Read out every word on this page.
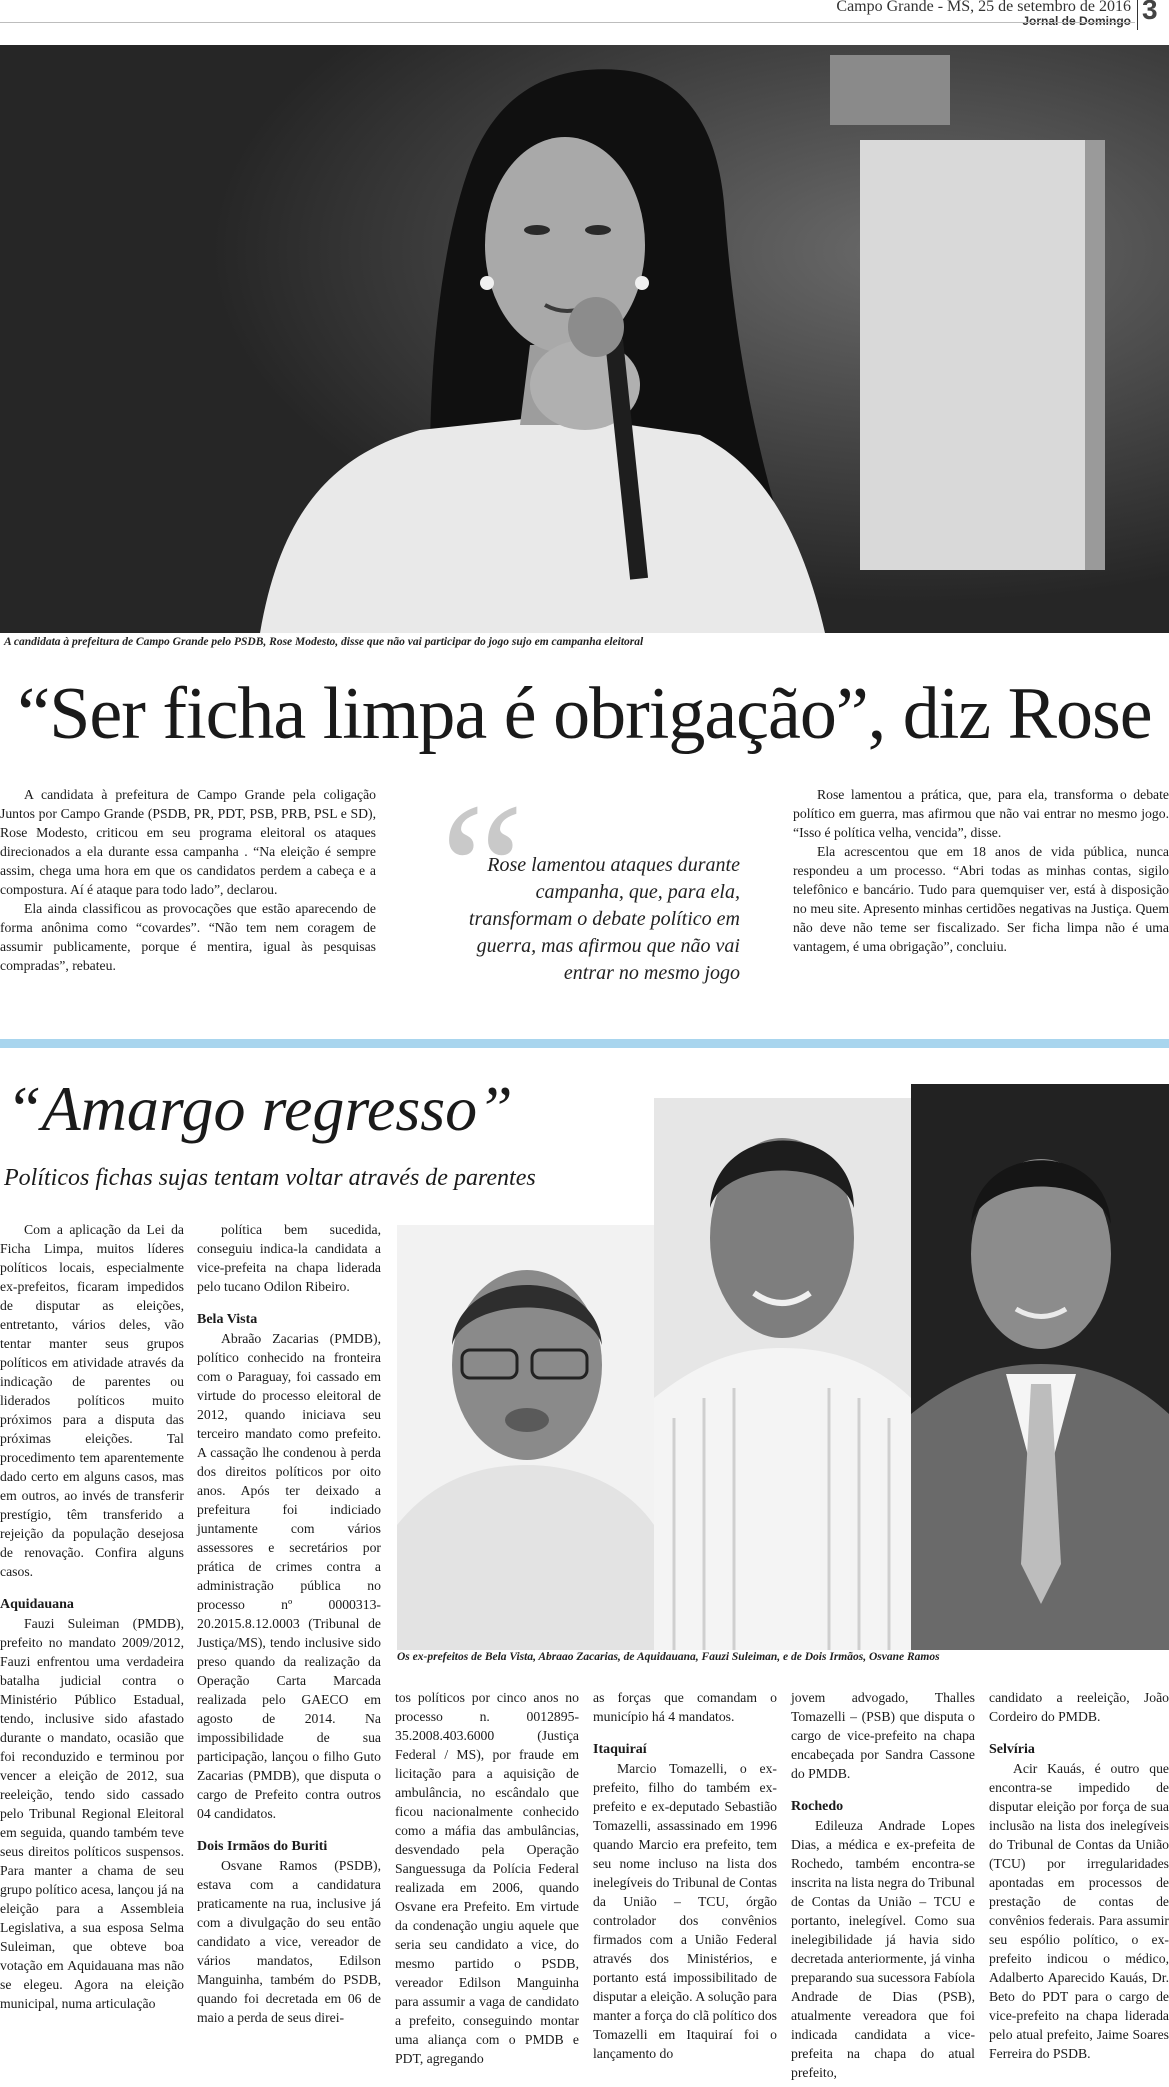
Campo Grande - MS, 25 de setembro de 2016
Jornal de Domingo 3
A candidata à prefeitura de Campo Grande pelo PSDB, Rose Modesto, disse que não vai participar do jogo sujo em campanha eleitoral
“Ser ficha limpa é obrigação”, diz Rose

A candidata à prefeitura de Campo Grande pela coligação Juntos por Campo Grande (PSDB, PR, PDT, PSB, PRB, PSL e SD), Rose Modesto, criticou em seu programa eleitoral os ataques direcionados a ela durante essa campanha . “Na eleição é sempre assim, chega uma hora em que os candidatos perdem a cabeça e a compostura. Aí é ataque para todo lado”, declarou.

Ela ainda classificou as provocações que estão aparecendo de forma anônima como “covardes”. “Não tem nem coragem de assumir publicamente, porque é mentira, igual às pesquisas compradas”, rebateu.	“
Rose lamentou ataques durante campanha, que, para ela, transformam o debate político em guerra, mas afirmou que não vai entrar no mesmo jogo

Rose lamentou a prática, que, para ela, transforma o debate político em guerra, mas afirmou que não vai entrar no mesmo jogo. “Isso é política velha, vencida”, disse.

Ela acrescentou que em 18 anos de vida pública, nunca respondeu a um processo. “Abri todas as minhas contas, sigilo telefônico e bancário. Tudo para quemquiser ver, está à disposição no meu site. Apresento minhas certidões negativas na Justiça. Quem não deve não teme ser fiscalizado. Ser ficha limpa não é uma vantagem, é uma obrigação”, concluiu.

“Amargo regresso”
Políticos fichas sujas tentam voltar através de parentes
Os ex-prefeitos de Bela Vista, Abraao Zacarias, de Aquidauana, Fauzi Suleiman, e de Dois Irmãos, Osvane Ramos

Com a aplicação da Lei da Ficha Limpa, muitos líderes políticos locais, especialmente ex-prefeitos, ficaram impedidos de disputar as eleições, entretanto, vários deles, vão tentar manter seus grupos políticos em atividade através da indicação de parentes ou liderados políticos muito próximos para a disputa das próximas eleições. Tal procedimento tem aparentemente dado certo em alguns casos, mas em outros, ao invés de transferir prestígio, têm transferido a rejeição da população desejosa de renovação. Confira alguns casos.

Aquidauana

Fauzi Suleiman (PMDB), prefeito no mandato 2009/2012, Fauzi enfrentou uma verdadeira batalha judicial contra o Ministério Público Estadual, tendo, inclusive sido afastado durante o mandato, ocasião que foi reconduzido e terminou por vencer a eleição de 2012, sua reeleição, tendo sido cassado pelo Tribunal Regional Eleitoral em seguida, quando também teve seus direitos políticos suspensos. Para manter a chama de seu grupo político acesa, lançou já na eleição para a Assembleia Legislativa, a sua esposa Selma Suleiman, que obteve boa votação em Aquidauana mas não se elegeu. Agora na eleição municipal, numa articulação

política bem sucedida, conseguiu indica-la candidata a vice-prefeita na chapa liderada pelo tucano Odilon Ribeiro.

Bela Vista

Abraão Zacarias (PMDB), político conhecido na fronteira com o Paraguay, foi cassado em virtude do processo eleitoral de 2012, quando iniciava seu terceiro mandato como prefeito. A cassação lhe condenou à perda dos direitos políticos por oito anos. Após ter deixado a prefeitura foi indiciado juntamente com vários assessores e secretários por prática de crimes contra a administração pública no processo nº 0000313-20.2015.8.12.0003 (Tribunal de Justiça/MS), tendo inclusive sido preso quando da realização da Operação Carta Marcada realizada pelo GAECO em agosto de 2014. Na impossibilidade de sua participação, lançou o filho Guto Zacarias (PMDB), que disputa o cargo de Prefeito contra outros 04 candidatos.

Dois Irmãos do Buriti

Osvane Ramos (PSDB), estava com a candidatura praticamente na rua, inclusive já com a divulgação do seu então candidato a vice, vereador de vários mandatos, Edilson Manguinha, também do PSDB, quando foi decretada em 06 de maio a perda de seus direi-

tos políticos por cinco anos no processo n. 0012895-35.2008.403.6000 (Justiça Federal / MS), por fraude em licitação para a aquisição de ambulância, no escândalo que ficou nacionalmente conhecido como a máfia das ambulâncias, desvendado pela Operação Sanguessuga da Polícia Federal realizada em 2006, quando Osvane era Prefeito. Em virtude da condenação ungiu aquele que seria seu candidato a vice, do mesmo partido o PSDB, vereador Edilson Manguinha para assumir a vaga de candidato a prefeito, conseguindo montar uma aliança com o PMDB e PDT, agregando

as forças que comandam o município há 4 mandatos.

Itaquiraí

Marcio Tomazelli, o ex-prefeito, filho do também ex-prefeito e ex-deputado Sebastião Tomazelli, assassinado em 1996 quando Marcio era prefeito, tem seu nome incluso na lista dos inelegíveis do Tribunal de Contas da União – TCU, órgão controlador dos convênios firmados com a União Federal através dos Ministérios, e portanto está impossibilitado de disputar a eleição. A solução para manter a força do clã político dos Tomazelli em Itaquiraí foi o lançamento do

jovem advogado, Thalles Tomazelli – (PSB) que disputa o cargo de vice-prefeito na chapa encabeçada por Sandra Cassone do PMDB.

Rochedo

Edileuza Andrade Lopes Dias, a médica e ex-prefeita de Rochedo, também encontra-se inscrita na lista negra do Tribunal de Contas da União – TCU e portanto, inelegível. Como sua inelegibilidade já havia sido decretada anteriormente, já vinha preparando sua sucessora Fabíola Andrade de Dias (PSB), atualmente vereadora que foi indicada candidata a vice-prefeita na chapa do atual prefeito,

candidato a reeleição, João Cordeiro do PMDB.

Selvíria

Acir Kauás, é outro que encontra-se impedido de disputar eleição por força de sua inclusão na lista dos inelegíveis do Tribunal de Contas da União (TCU) por irregularidades apontadas em processos de prestação de contas de convênios federais. Para assumir seu espólio político, o ex-prefeito indicou o médico, Adalberto Aparecido Kauás, Dr. Beto do PDT para o cargo de vice-prefeito na chapa liderada pelo atual prefeito, Jaime Soares Ferreira do PSDB.
